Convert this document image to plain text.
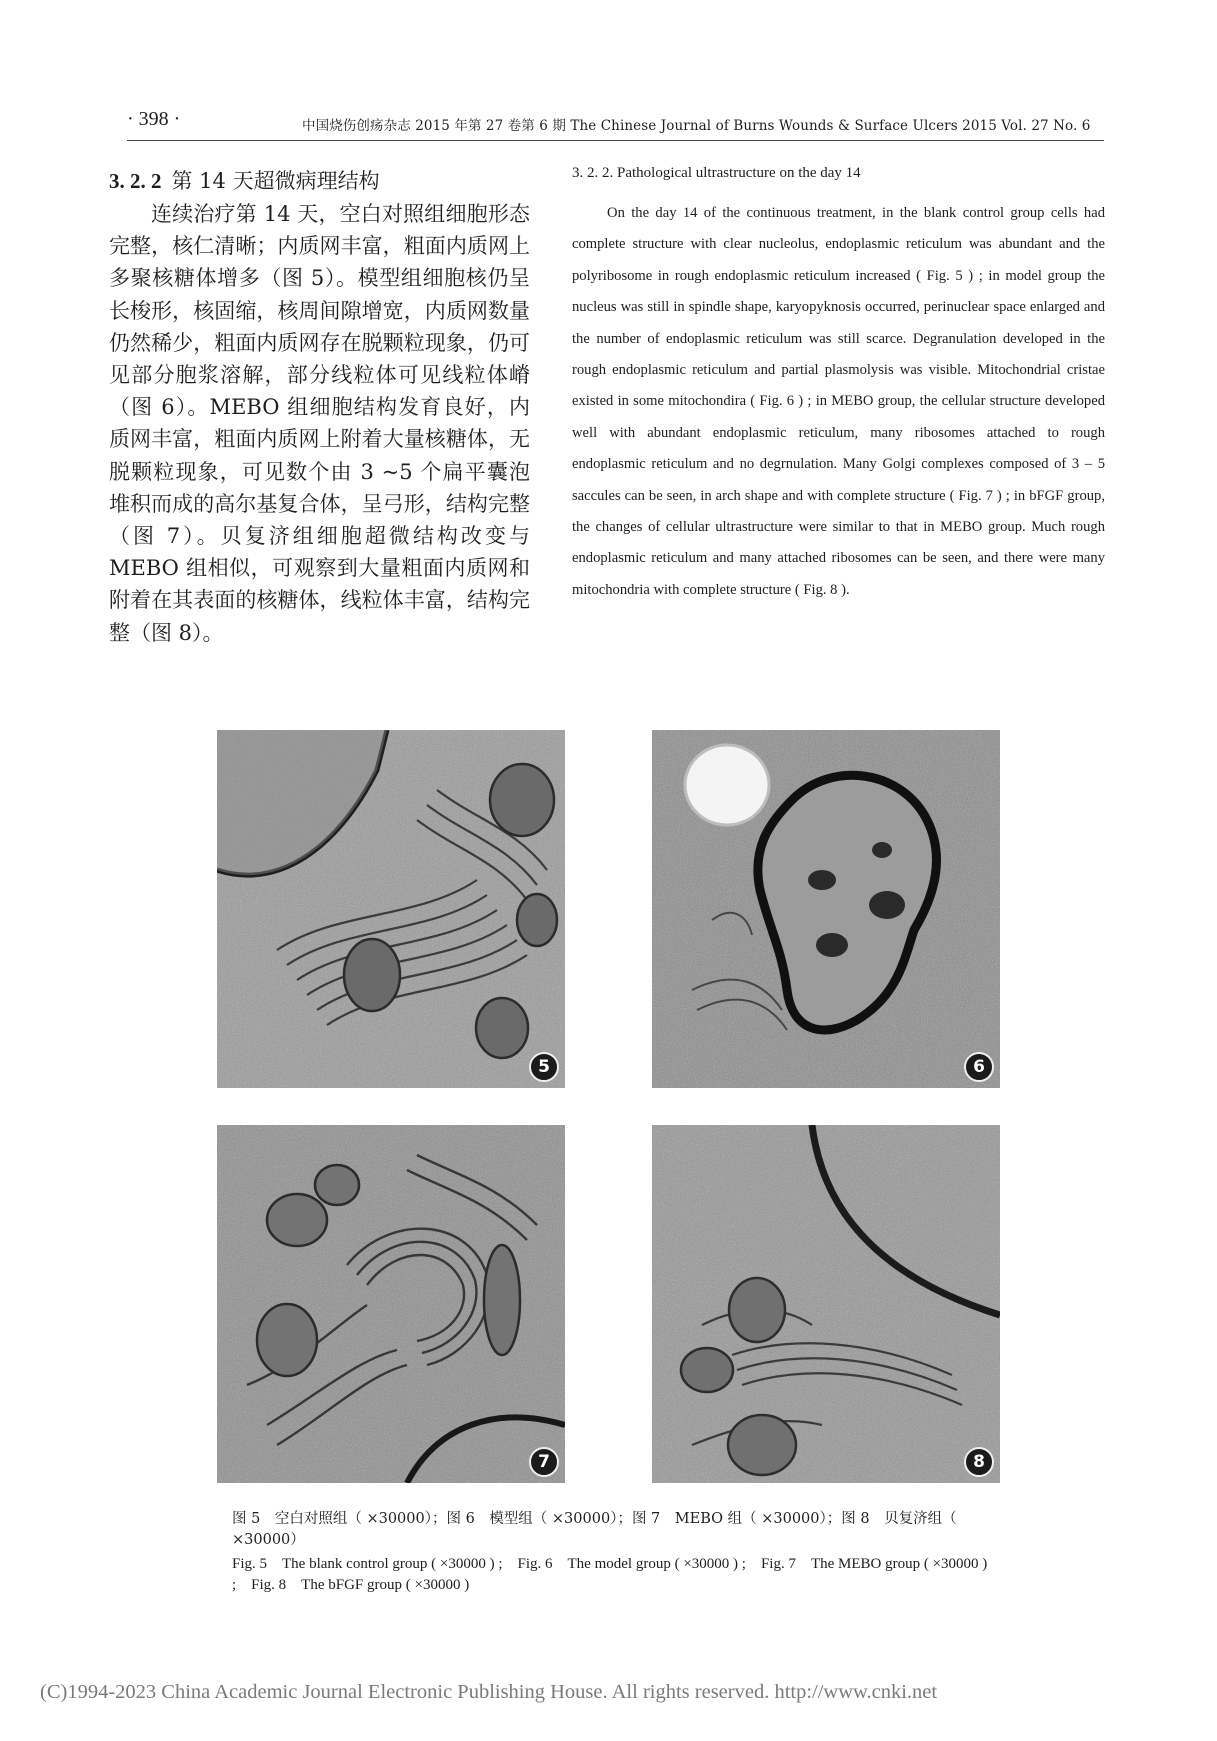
· 398 ·	中国烧伤创疡杂志 2015 年第 27 卷第 6 期 The Chinese Journal of Burns Wounds & Surface Ulcers 2015 Vol. 27 No. 6
3. 2. 2 第 14 天超微病理结构

连续治疗第 14 天，空白对照组细胞形态完整，核仁清晰；内质网丰富，粗面内质网上多聚核糖体增多（图 5）。模型组细胞核仍呈长梭形，核固缩，核周间隙增宽，内质网数量仍然稀少，粗面内质网存在脱颗粒现象，仍可见部分胞浆溶解，部分线粒体可见线粒体嵴（图 6）。MEBO 组细胞结构发育良好，内质网丰富，粗面内质网上附着大量核糖体，无脱颗粒现象，可见数个由 3 ~5 个扁平囊泡堆积而成的高尔基复合体，呈弓形，结构完整（图 7）。贝复济组细胞超微结构改变与 MEBO 组相似，可观察到大量粗面内质网和附着在其表面的核糖体，线粒体丰富，结构完整（图 8）。

3. 2. 2. Pathological ultrastructure on the day 14

On the day 14 of the continuous treatment, in the blank control group cells had complete structure with clear nucleolus, endoplasmic reticulum was abundant and the polyribosome in rough endoplasmic reticulum increased ( Fig. 5 ) ; in model group the nucleus was still in spindle shape, karyopyknosis occurred, perinuclear space enlarged and the number of endoplasmic reticulum was still scarce. Degranulation developed in the rough endoplasmic reticulum and partial plasmolysis was visible. Mitochondrial cristae existed in some mitochondira ( Fig. 6 ) ; in MEBO group, the cellular structure developed well with abundant endoplasmic reticulum, many ribosomes attached to rough endoplasmic reticulum and no degrnulation. Many Golgi complexes composed of 3 – 5 saccules can be seen, in arch shape and with complete structure ( Fig. 7 ) ; in bFGF group, the changes of cellular ultrastructure were similar to that in MEBO group. Much rough endoplasmic reticulum and many attached ribosomes can be seen, and there were many mitochondria with complete structure ( Fig. 8 ).

5	6
7	8

图 5　空白对照组（ ×30000）；图 6　模型组（ ×30000）；图 7　MEBO 组（ ×30000）；图 8　贝复济组（ ×30000）

Fig. 5　The blank control group ( ×30000 ) ;　Fig. 6　The model group ( ×30000 ) ;　Fig. 7　The MEBO group ( ×30000 ) ;　Fig. 8　The bFGF group ( ×30000 )

(C)1994-2023 China Academic Journal Electronic Publishing House. All rights reserved. http://www.cnki.net
